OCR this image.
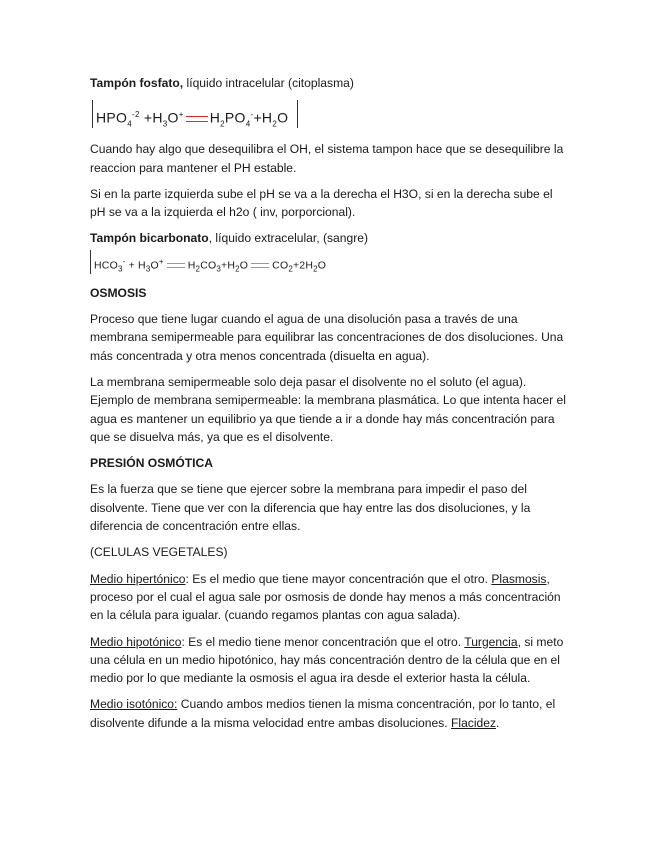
Tampón fosfato, líquido intracelular (citoplasma)

$HPO_4^{-2} +H_3O^+$ $H_2PO_4^-+H_2O$

Cuando hay algo que desequilibra el OH, el sistema tampon hace que se desequilibre la reaccion para mantener el PH estable.

Si en la parte izquierda sube el pH se va a la derecha el H3O, si en la derecha sube el pH se va a la izquierda el h2o ( inv, porporcional).

Tampón bicarbonato, líquido extracelular, (sangre)

$HCO_3^- + H_3O^+$ $H_2CO_3+H_2O$ $CO_2+2H_2O$

OSMOSIS

Proceso que tiene lugar cuando el agua de una disolución pasa a través de una membrana semipermeable para equilibrar las concentraciones de dos disoluciones. Una más concentrada y otra menos concentrada (disuelta en agua).

La membrana semipermeable solo deja pasar el disolvente no el soluto (el agua). Ejemplo de membrana semipermeable: la membrana plasmática. Lo que intenta hacer el agua es mantener un equilibrio ya que tiende a ir a donde hay más concentración para que se disuelva más, ya que es el disolvente.

PRESIÓN OSMÓTICA

Es la fuerza que se tiene que ejercer sobre la membrana para impedir el paso del disolvente. Tiene que ver con la diferencia que hay entre las dos disoluciones, y la diferencia de concentración entre ellas.

(CELULAS VEGETALES)

Medio hipertónico: Es el medio que tiene mayor concentración que el otro. Plasmosis, proceso por el cual el agua sale por osmosis de donde hay menos a más concentración en la célula para igualar. (cuando regamos plantas con agua salada).

Medio hipotónico: Es el medio tiene menor concentración que el otro. Turgencia, si meto una célula en un medio hipotónico, hay más concentración dentro de la célula que en el medio por lo que mediante la osmosis el agua ira desde el exterior hasta la célula.

Medio isotónico: Cuando ambos medios tienen la misma concentración, por lo tanto, el disolvente difunde a la misma velocidad entre ambas disoluciones. Flacidez.
